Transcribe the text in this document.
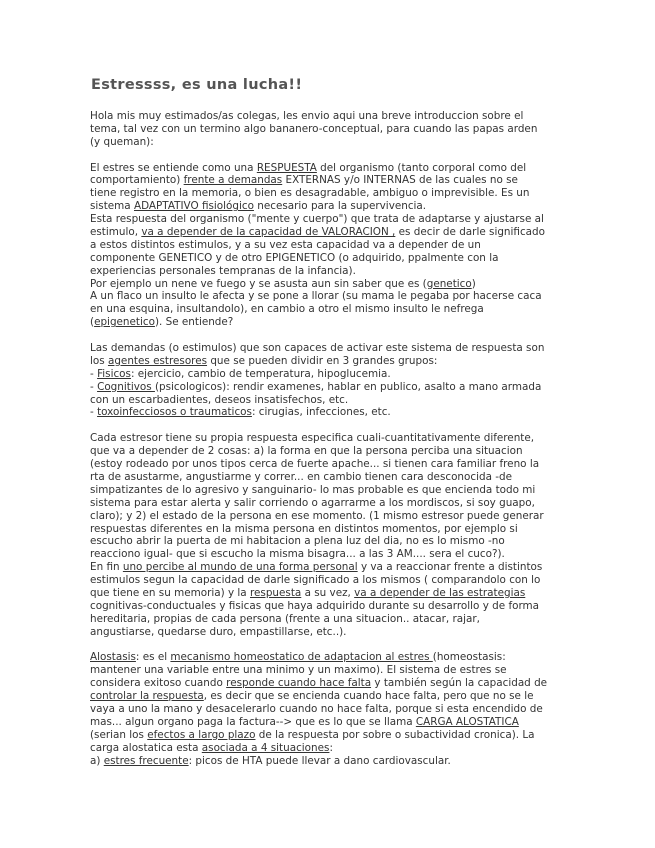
Estressss, es una lucha!!
Hola mis muy estimados/as colegas, les envio aqui una breve introduccion sobre el
tema, tal vez con un termino algo bananero-conceptual, para cuando las papas arden
(y queman):
El estres se entiende como una RESPUESTA del organismo (tanto corporal como del
comportamiento) frente a demandas EXTERNAS y/o INTERNAS de las cuales no se
tiene registro en la memoria, o bien es desagradable, ambiguo o imprevisible. Es un
sistema ADAPTATIVO fisiológico necesario para la supervivencia.
Esta respuesta del organismo ("mente y cuerpo") que trata de adaptarse y ajustarse al
estimulo, va a depender de la capacidad de VALORACION , es decir de darle significado
a estos distintos estimulos, y a su vez esta capacidad va a depender de un
componente GENETICO y de otro EPIGENETICO (o adquirido, ppalmente con la
experiencias personales tempranas de la infancia).
Por ejemplo un nene ve fuego y se asusta aun sin saber que es (genetico)
A un flaco un insulto le afecta y se pone a llorar (su mama le pegaba por hacerse caca
en una esquina, insultandolo), en cambio a otro el mismo insulto le nefrega
(epigenetico). Se entiende?
Las demandas (o estimulos) que son capaces de activar este sistema de respuesta son
los agentes estresores que se pueden dividir en 3 grandes grupos:
- Fisicos: ejercicio, cambio de temperatura, hipoglucemia.
- Cognitivos (psicologicos): rendir examenes, hablar en publico, asalto a mano armada
con un escarbadientes, deseos insatisfechos, etc.
- toxoinfecciosos o traumaticos: cirugias, infecciones, etc.
Cada estresor tiene su propia respuesta especifica cuali-cuantitativamente diferente,
que va a depender de 2 cosas: a) la forma en que la persona perciba una situacion
(estoy rodeado por unos tipos cerca de fuerte apache... si tienen cara familiar freno la
rta de asustarme, angustiarme y correr... en cambio tienen cara desconocida -de
simpatizantes de lo agresivo y sanguinario- lo mas probable es que encienda todo mi
sistema para estar alerta y salir corriendo o agarrarme a los mordiscos, si soy guapo,
claro); y 2) el estado de la persona en ese momento. (1 mismo estresor puede generar
respuestas diferentes en la misma persona en distintos momentos, por ejemplo si
escucho abrir la puerta de mi habitacion a plena luz del dia, no es lo mismo -no
reacciono igual- que si escucho la misma bisagra... a las 3 AM.... sera el cuco?).
En fin uno percibe al mundo de una forma personal y va a reaccionar frente a distintos
estimulos segun la capacidad de darle significado a los mismos ( comparandolo con lo
que tiene en su memoria) y la respuesta a su vez, va a depender de las estrategias
cognitivas-conductuales y fisicas que haya adquirido durante su desarrollo y de forma
hereditaria, propias de cada persona (frente a una situacion.. atacar, rajar,
angustiarse, quedarse duro, empastillarse, etc..).
Alostasis: es el mecanismo homeostatico de adaptacion al estres (homeostasis:
mantener una variable entre una minimo y un maximo). El sistema de estres se
considera exitoso cuando responde cuando hace falta y también según la capacidad de
controlar la respuesta, es decir que se encienda cuando hace falta, pero que no se le
vaya a uno la mano y desacelerarlo cuando no hace falta, porque si esta encendido de
mas... algun organo paga la factura--> que es lo que se llama CARGA ALOSTATICA
(serian los efectos a largo plazo de la respuesta por sobre o subactividad cronica). La
carga alostatica esta asociada a 4 situaciones:
a) estres frecuente: picos de HTA puede llevar a dano cardiovascular.
